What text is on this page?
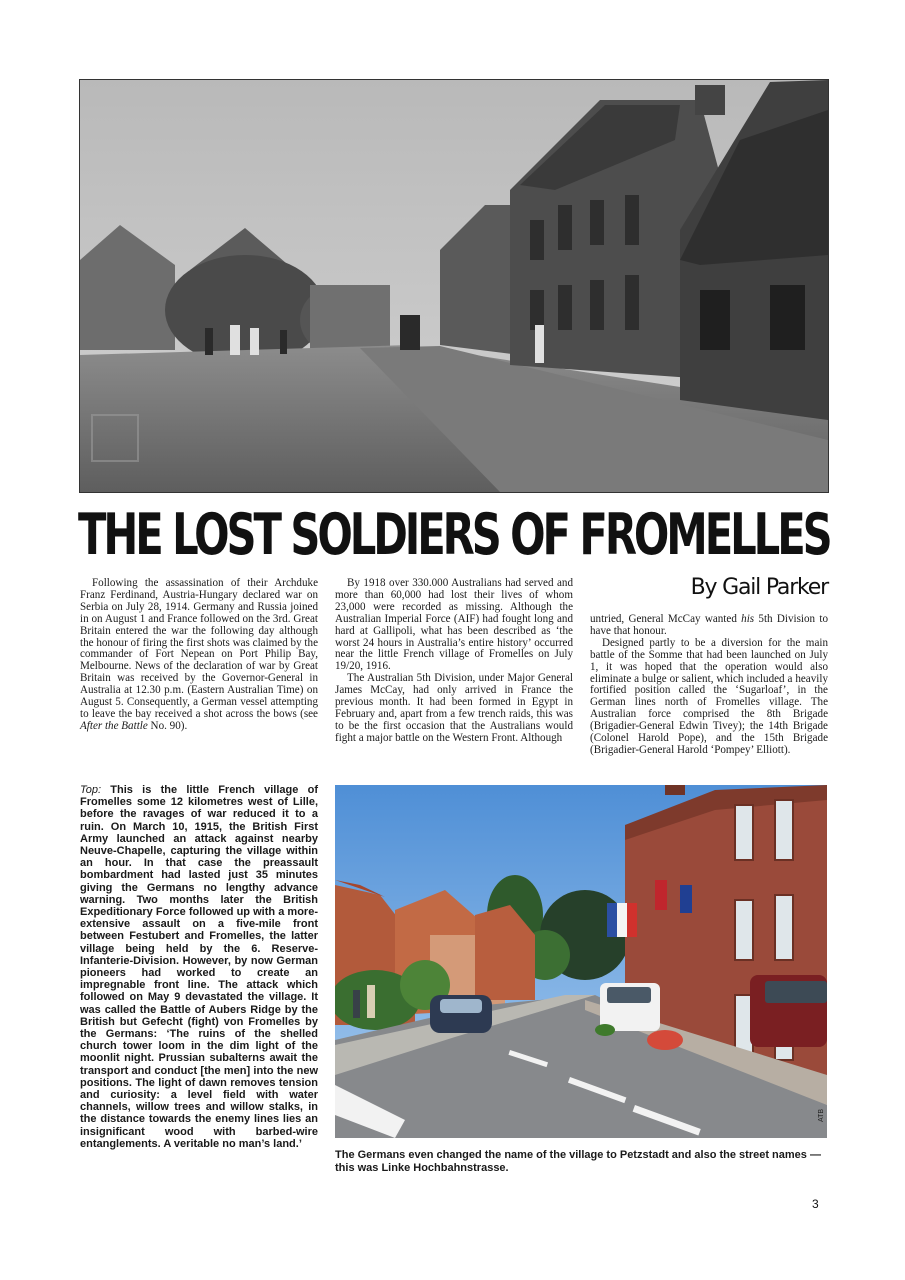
THE LOST SOLDIERS OF FROMELLES
By Gail Parker

Following the assassination of their Archduke Franz Ferdinand, Austria-Hungary declared war on Serbia on July 28, 1914. Germany and Russia joined in on August 1 and France followed on the 3rd. Great Britain entered the war the following day although the honour of firing the first shots was claimed by the commander of Fort Nepean on Port Philip Bay, Melbourne. News of the declaration of war by Great Britain was received by the Governor-General in Australia at 12.30 p.m. (Eastern Australian Time) on August 5. Consequently, a German vessel attempting to leave the bay received a shot across the bows (see After the Battle No. 90).

By 1918 over 330.000 Australians had served and more than 60,000 had lost their lives of whom 23,000 were recorded as missing. Although the Australian Imperial Force (AIF) had fought long and hard at Gallipoli, what has been described as ‘the worst 24 hours in Australia’s entire history’ occurred near the little French village of Fromelles on July 19/20, 1916.

The Australian 5th Division, under Major General James McCay, had only arrived in France the previous month. It had been formed in Egypt in February and, apart from a few trench raids, this was to be the first occasion that the Australians would fight a major battle on the Western Front. Although

untried, General McCay wanted his 5th Division to have that honour.

Designed partly to be a diversion for the main battle of the Somme that had been launched on July 1, it was hoped that the operation would also eliminate a bulge or salient, which included a heavily fortified position called the ‘Sugarloaf’, in the German lines north of Fromelles village. The Australian force comprised the 8th Brigade (Brigadier-General Edwin Tivey); the 14th Brigade (Colonel Harold Pope), and the 15th Brigade (Brigadier-General Harold ‘Pompey’ Elliott).

Top: This is the little French village of Fromelles some 12 kilometres west of Lille, before the ravages of war reduced it to a ruin. On March 10, 1915, the British First Army launched an attack against nearby Neuve-Chapelle, capturing the village within an hour. In that case the preassault bombardment had lasted just 35 minutes giving the Germans no lengthy advance warning. Two months later the British Expeditionary Force followed up with a more-extensive assault on a five-mile front between Festubert and Fromelles, the latter village being held by the 6. Reserve-Infanterie-Division. However, by now German pioneers had worked to create an impregnable front line. The attack which followed on May 9 devastated the village. It was called the Battle of Aubers Ridge by the British but Gefecht (fight) von Fromelles by the Germans: ‘The ruins of the shelled church tower loom in the dim light of the moonlit night. Prussian subalterns await the transport and conduct [the men] into the new positions. The light of dawn removes tension and curiosity: a level field with water channels, willow trees and willow stalks, in the distance towards the enemy lines lies an insignificant wood with barbed-wire entanglements. A veritable no man’s land.’
ATB
The Germans even changed the name of the village to Petzstadt and also the street names — this was Linke Hochbahnstrasse.
3
